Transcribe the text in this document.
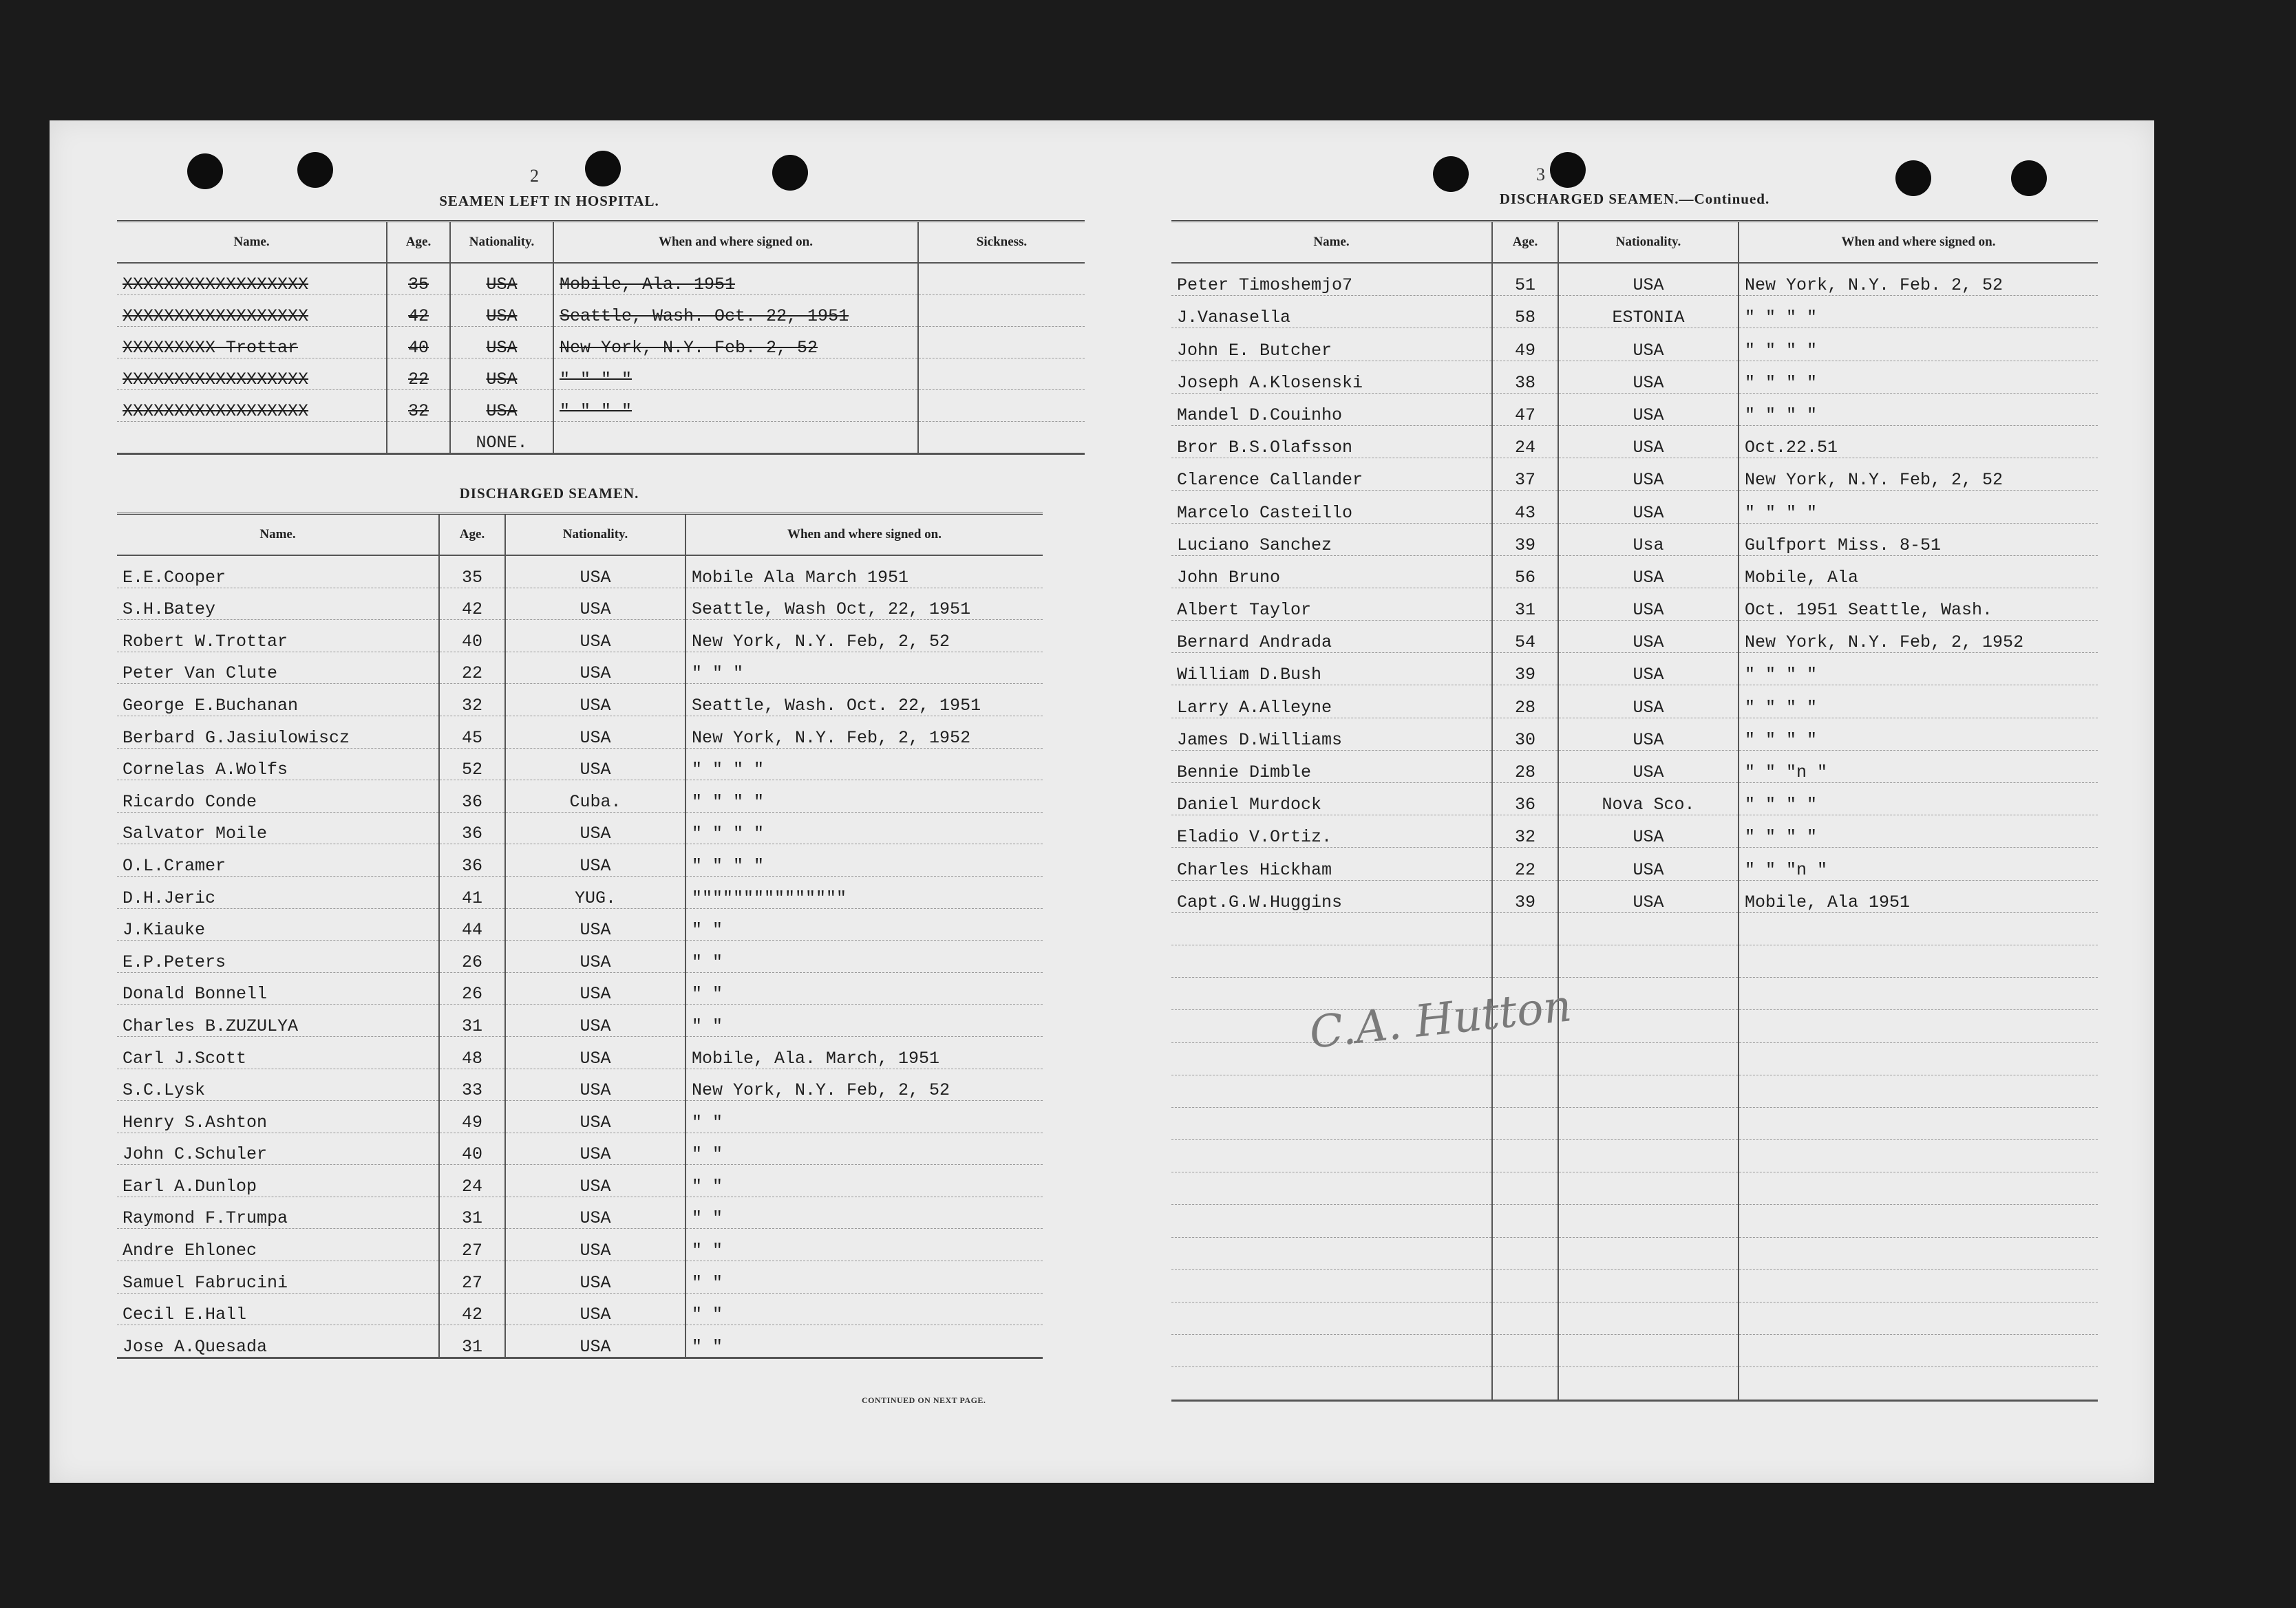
2
SEAMEN LEFT IN HOSPITAL.
Name.	Age.	Nationality.	When and where signed on.	Sickness.
XXXXXXXXXXXXXXXXXX	35	USA	Mobile, Ala. 1951	
XXXXXXXXXXXXXXXXXX	42	USA	Seattle, Wash. Oct. 22, 1951	
XXXXXXXXX Trottar	40	USA	New York, N.Y. Feb. 2, 52	
XXXXXXXXXXXXXXXXXX	22	USA	" " " "	
XXXXXXXXXXXXXXXXXX	32	USA	" " " "	
		NONE.		
DISCHARGED SEAMEN.
Name.	Age.	Nationality.	When and where signed on.
E.E.Cooper	35	USA	Mobile Ala March 1951
S.H.Batey	42	USA	Seattle, Wash Oct, 22, 1951
Robert W.Trottar	40	USA	New York, N.Y. Feb, 2, 52
Peter Van Clute	22	USA	" " "
George E.Buchanan	32	USA	Seattle, Wash. Oct. 22, 1951
Berbard G.Jasiulowiscz	45	USA	New York, N.Y. Feb, 2, 1952
Cornelas A.Wolfs	52	USA	" " " "
Ricardo Conde	36	Cuba.	" " " "
Salvator Moile	36	USA	" " " "
O.L.Cramer	36	USA	" " " "
D.H.Jeric	41	YUG.	"""""""""""""""
J.Kiauke	44	USA	" "
E.P.Peters	26	USA	" "
Donald Bonnell	26	USA	" "
Charles B.ZUZULYA	31	USA	" "
Carl J.Scott	48	USA	Mobile, Ala. March, 1951
S.C.Lysk	33	USA	New York, N.Y. Feb, 2, 52
Henry S.Ashton	49	USA	" "
John C.Schuler	40	USA	" "
Earl A.Dunlop	24	USA	" "
Raymond F.Trumpa	31	USA	" "
Andre Ehlonec	27	USA	" "
Samuel Fabrucini	27	USA	" "
Cecil E.Hall	42	USA	" "
Jose A.Quesada	31	USA	" "
CONTINUED ON NEXT PAGE.
3
DISCHARGED SEAMEN.—Continued.
Name.	Age.	Nationality.	When and where signed on.
Peter Timoshemjo7	51	USA	New York, N.Y. Feb. 2, 52
J.Vanasella	58	ESTONIA	" " " "
John E. Butcher	49	USA	" " " "
Joseph A.Klosenski	38	USA	" " " "
Mandel D.Couinho	47	USA	" " " "
Bror B.S.Olafsson	24	USA	Oct.22.51
Clarence Callander	37	USA	New York, N.Y. Feb, 2, 52
Marcelo Casteillo	43	USA	" " " "
Luciano Sanchez	39	Usa	Gulfport Miss. 8-51
John Bruno	56	USA	Mobile, Ala
Albert Taylor	31	USA	Oct. 1951 Seattle, Wash.
Bernard Andrada	54	USA	New York, N.Y. Feb, 2, 1952
William D.Bush	39	USA	" " " "
Larry A.Alleyne	28	USA	" " " "
James D.Williams	30	USA	" " " "
Bennie Dimble	28	USA	" " "n "
Daniel Murdock	36	Nova Sco.	" " " "
Eladio V.Ortiz.	32	USA	" " " "
Charles Hickham	22	USA	" " "n "
Capt.G.W.Huggins	39	USA	Mobile, Ala 1951

C.A. Hutton
